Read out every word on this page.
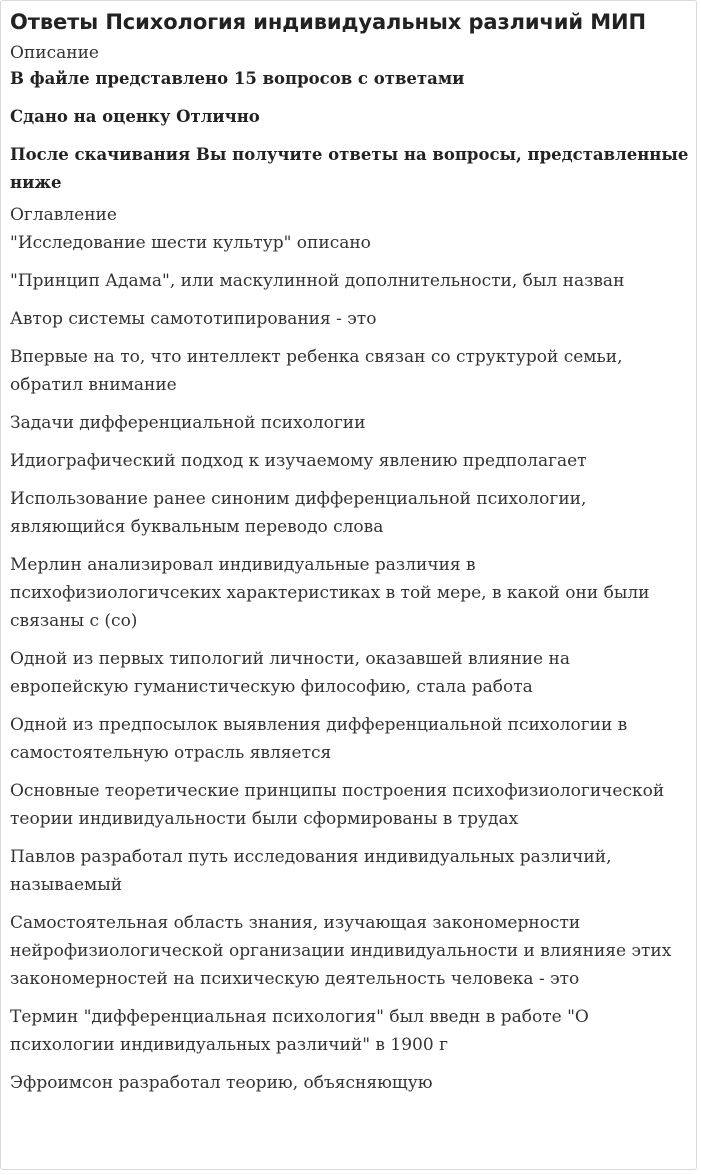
Ответы Психология индивидуальных различий МИП
Описание

В файле представлено 15 вопросов с ответами

Сдано на оценку Отлично

После скачивания Вы получите ответы на вопросы, представленные ниже

Оглавление
"Исследование шести культур" описано
"Принцип Адама", или маскулинной дополнительности, был назван
Автор системы самототипирования - это
Впервые на то, что интеллект ребенка связан со структурой семьи, обратил внимание
Задачи дифференциальной психологии
Идиографический подход к изучаемому явлению предполагает
Использование ранее синоним дифференциальной психологии, являющийся буквальным переводо слова
Мерлин анализировал индивидуальные различия в психофизиологичсеких характеристиках в той мере, в какой они были связаны с (со)
Одной из первых типологий личности, оказавшей влияние на европейскую гуманистическую философию, стала работа
Одной из предпосылок выявления дифференциальной психологии в самостоятельную отрасль является
Основные теоретические принципы построения психофизиологической теории индивидуальности были сформированы в трудах
Павлов разработал путь исследования индивидуальных различий, называемый
Самостоятельная область знания, изучающая закономерности нейрофизиологической организации индивидуальности и влиянияе этих закономерностей на психическую деятельность человека - это
Термин "дифференциальная психология" был введн в работе "О психологии индивидуальных различий" в 1900 г
Эфроимсон разработал теорию, объясняющую
